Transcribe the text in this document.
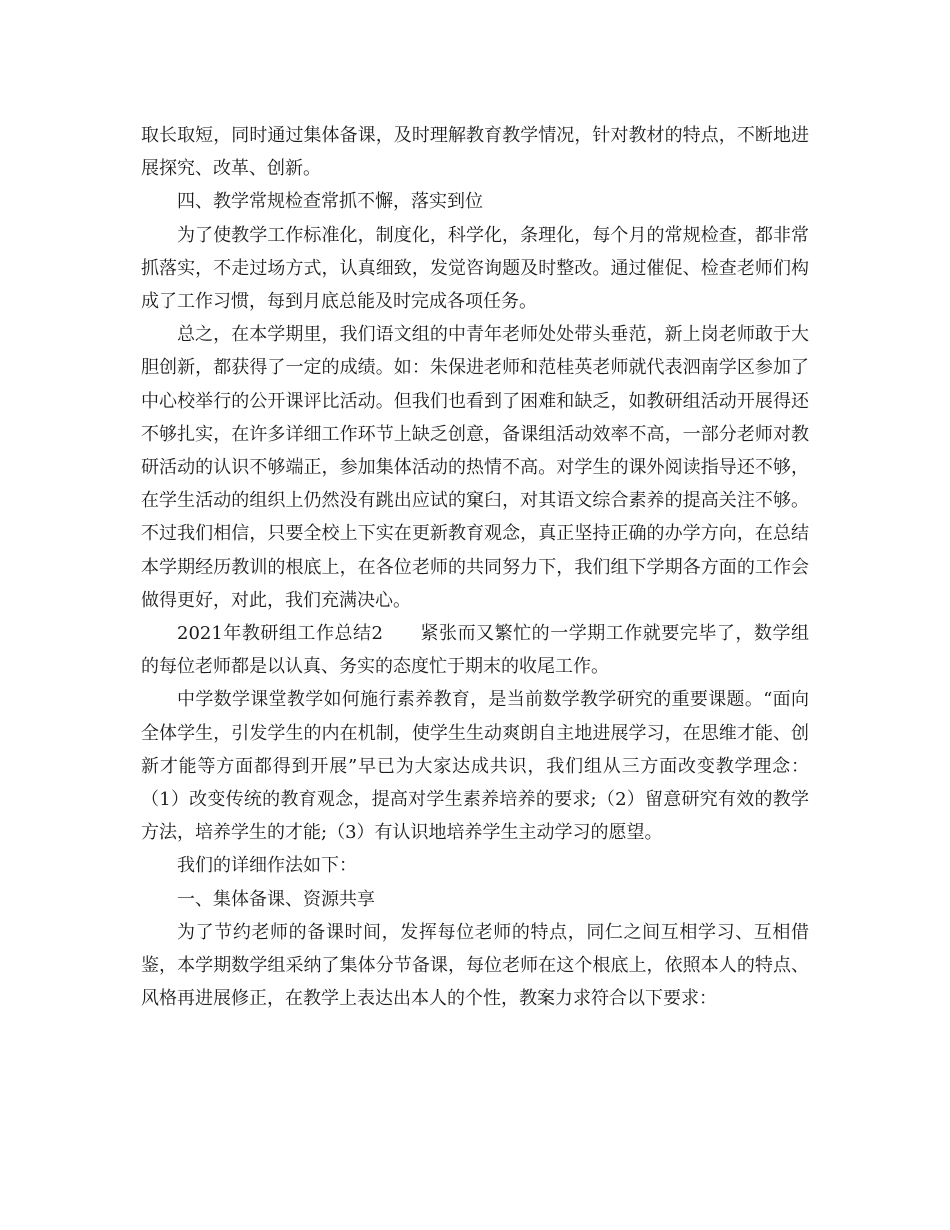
取长取短，同时通过集体备课，及时理解教育教学情况，针对教材的特点，不断地进展探究、改革、创新。

四、教学常规检查常抓不懈，落实到位

为了使教学工作标准化，制度化，科学化，条理化，每个月的常规检查，都非常抓落实，不走过场方式，认真细致，发觉咨询题及时整改。通过催促、检查老师们构成了工作习惯，每到月底总能及时完成各项任务。

总之，在本学期里，我们语文组的中青年老师处处带头垂范，新上岗老师敢于大胆创新，都获得了一定的成绩。如：朱保进老师和范桂英老师就代表泗南学区参加了中心校举行的公开课评比活动。但我们也看到了困难和缺乏，如教研组活动开展得还不够扎实，在许多详细工作环节上缺乏创意，备课组活动效率不高，一部分老师对教研活动的认识不够端正，参加集体活动的热情不高。对学生的课外阅读指导还不够，在学生活动的组织上仍然没有跳出应试的窠臼，对其语文综合素养的提高关注不够。不过我们相信，只要全校上下实在更新教育观念，真正坚持正确的办学方向，在总结本学期经历教训的根底上，在各位老师的共同努力下，我们组下学期各方面的工作会做得更好，对此，我们充满决心。

2021年教研组工作总结2　　紧张而又繁忙的一学期工作就要完毕了，数学组的每位老师都是以认真、务实的态度忙于期末的收尾工作。

中学数学课堂教学如何施行素养教育，是当前数学教学研究的重要课题。“面向全体学生，引发学生的内在机制，使学生生动爽朗自主地进展学习，在思维才能、创新才能等方面都得到开展”早已为大家达成共识，我们组从三方面改变教学理念：（1）改变传统的教育观念，提高对学生素养培养的要求;（2）留意研究有效的教学方法，培养学生的才能;（3）有认识地培养学生主动学习的愿望。

我们的详细作法如下：

一、集体备课、资源共享

为了节约老师的备课时间，发挥每位老师的特点，同仁之间互相学习、互相借鉴，本学期数学组采纳了集体分节备课，每位老师在这个根底上，依照本人的特点、风格再进展修正，在教学上表达出本人的个性，教案力求符合以下要求：
